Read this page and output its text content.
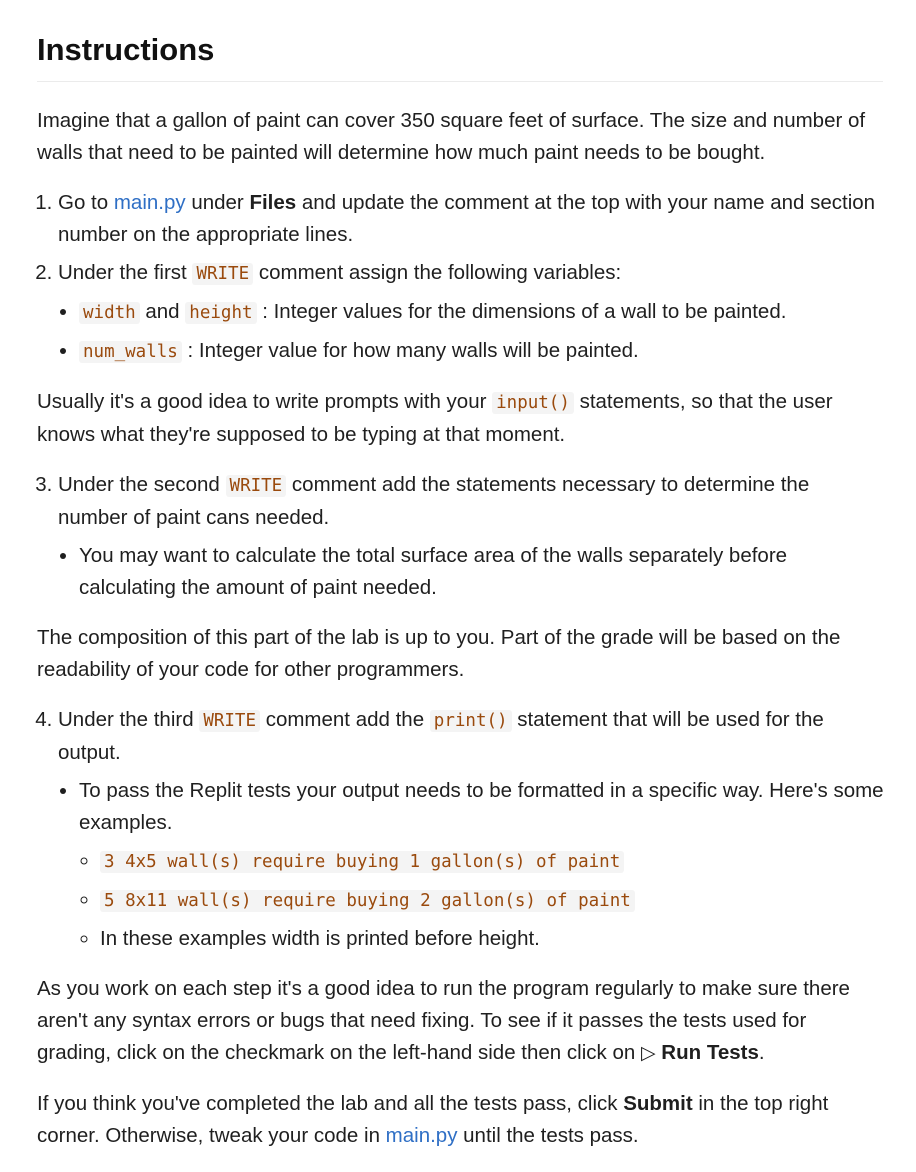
Instructions

Imagine that a gallon of paint can cover 350 square feet of surface. The size and number of walls that need to be painted will determine how much paint needs to be bought.

1. Go to main.py under Files and update the comment at the top with your name and section number on the appropriate lines.
2. Under the first WRITE comment assign the following variables:
• width and height : Integer values for the dimensions of a wall to be painted.
• num_walls : Integer value for how many walls will be painted.

Usually it's a good idea to write prompts with your input() statements, so that the user knows what they're supposed to be typing at that moment.

3. Under the second WRITE comment add the statements necessary to determine the number of paint cans needed.
• You may want to calculate the total surface area of the walls separately before calculating the amount of paint needed.

The composition of this part of the lab is up to you. Part of the grade will be based on the readability of your code for other programmers.

4. Under the third WRITE comment add the print() statement that will be used for the output.
• To pass the Replit tests your output needs to be formatted in a specific way. Here's some examples.
◦ 3 4x5 wall(s) require buying 1 gallon(s) of paint
◦ 5 8x11 wall(s) require buying 2 gallon(s) of paint
◦ In these examples width is printed before height.

As you work on each step it's a good idea to run the program regularly to make sure there aren't any syntax errors or bugs that need fixing. To see if it passes the tests used for grading, click on the checkmark on the left-hand side then click on ▷ Run Tests.

If you think you've completed the lab and all the tests pass, click Submit in the top right corner. Otherwise, tweak your code in main.py until the tests pass.
